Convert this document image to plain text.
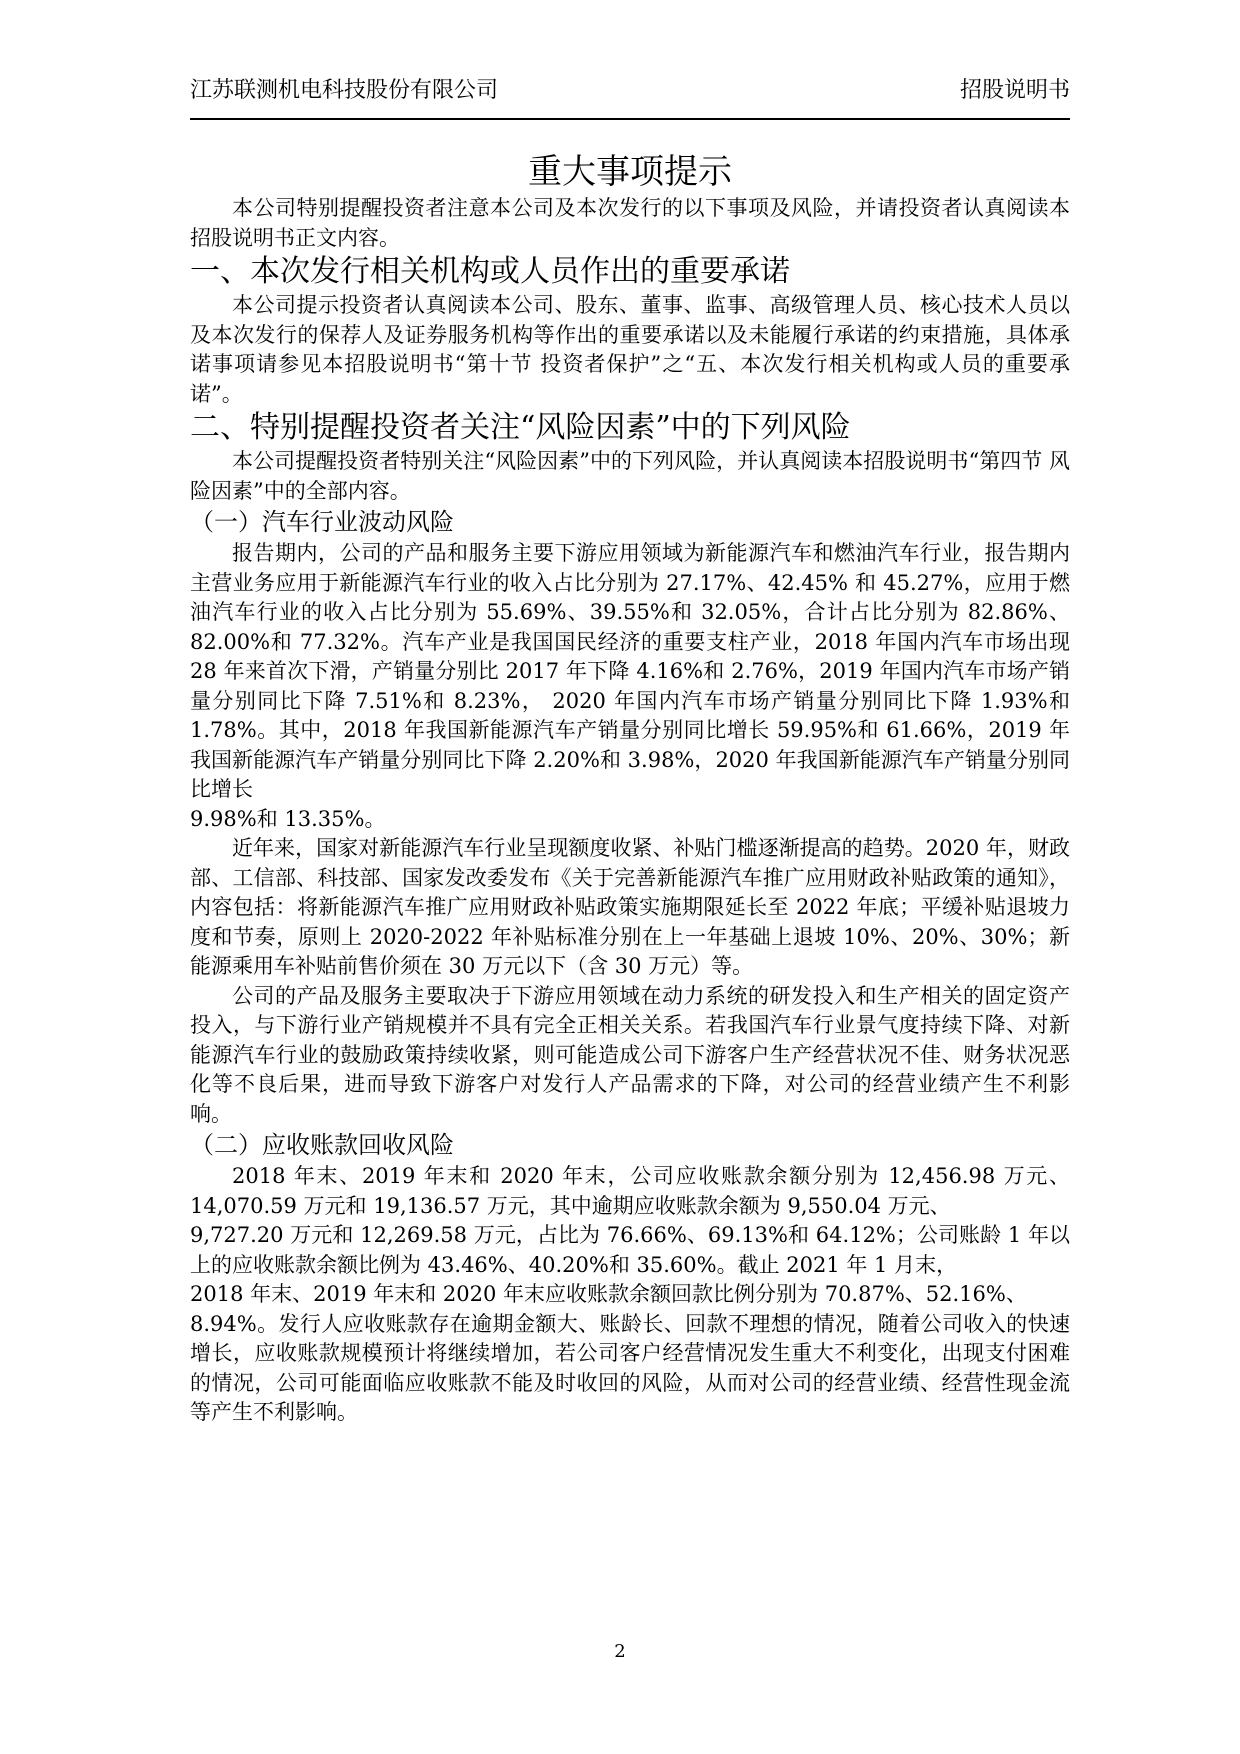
江苏联测机电科技股份有限公司	招股说明书
重大事项提示

本公司特别提醒投资者注意本公司及本次发行的以下事项及风险，并请投资者认真阅读本招股说明书正文内容。

一、本次发行相关机构或人员作出的重要承诺

本公司提示投资者认真阅读本公司、股东、董事、监事、高级管理人员、核心技术人员以及本次发行的保荐人及证券服务机构等作出的重要承诺以及未能履行承诺的约束措施，具体承诺事项请参见本招股说明书“第十节 投资者保护”之“五、本次发行相关机构或人员的重要承诺”。

二、特别提醒投资者关注“风险因素”中的下列风险

本公司提醒投资者特别关注“风险因素”中的下列风险，并认真阅读本招股说明书“第四节 风险因素”中的全部内容。

（一）汽车行业波动风险

报告期内，公司的产品和服务主要下游应用领域为新能源汽车和燃油汽车行业，报告期内主营业务应用于新能源汽车行业的收入占比分别为 27.17%、42.45% 和 45.27%，应用于燃油汽车行业的收入占比分别为 55.69%、39.55%和 32.05%，合计占比分别为 82.86%、82.00%和 77.32%。汽车产业是我国国民经济的重要支柱产业，2018 年国内汽车市场出现 28 年来首次下滑，产销量分别比 2017 年下降 4.16%和 2.76%，2019 年国内汽车市场产销量分别同比下降 7.51%和 8.23%， 2020 年国内汽车市场产销量分别同比下降 1.93%和 1.78%。其中，2018 年我国新能源汽车产销量分别同比增长 59.95%和 61.66%，2019 年我国新能源汽车产销量分别同比下降 2.20%和 3.98%，2020 年我国新能源汽车产销量分别同比增长
9.98%和 13.35%。

近年来，国家对新能源汽车行业呈现额度收紧、补贴门槛逐渐提高的趋势。2020 年，财政部、工信部、科技部、国家发改委发布《关于完善新能源汽车推广应用财政补贴政策的通知》，内容包括：将新能源汽车推广应用财政补贴政策实施期限延长至 2022 年底；平缓补贴退坡力度和节奏，原则上 2020-2022 年补贴标准分别在上一年基础上退坡 10%、20%、30%；新能源乘用车补贴前售价须在 30 万元以下（含 30 万元）等。

公司的产品及服务主要取决于下游应用领域在动力系统的研发投入和生产相关的固定资产投入，与下游行业产销规模并不具有完全正相关关系。若我国汽车行业景气度持续下降、对新能源汽车行业的鼓励政策持续收紧，则可能造成公司下游客户生产经营状况不佳、财务状况恶化等不良后果，进而导致下游客户对发行人产品需求的下降，对公司的经营业绩产生不利影响。

（二）应收账款回收风险

2018 年末、2019 年末和 2020 年末，公司应收账款余额分别为 12,456.98 万元、14,070.59 万元和 19,136.57 万元，其中逾期应收账款余额为 9,550.04 万元、
9,727.20 万元和 12,269.58 万元，占比为 76.66%、69.13%和 64.12%；公司账龄 1 年以上的应收账款余额比例为 43.46%、40.20%和 35.60%。截止 2021 年 1 月末，
2018 年末、2019 年末和 2020 年末应收账款余额回款比例分别为 70.87%、52.16%、
8.94%。发行人应收账款存在逾期金额大、账龄长、回款不理想的情况，随着公司收入的快速增长，应收账款规模预计将继续增加，若公司客户经营情况发生重大不利变化，出现支付困难的情况，公司可能面临应收账款不能及时收回的风险，从而对公司的经营业绩、经营性现金流等产生不利影响。

2
